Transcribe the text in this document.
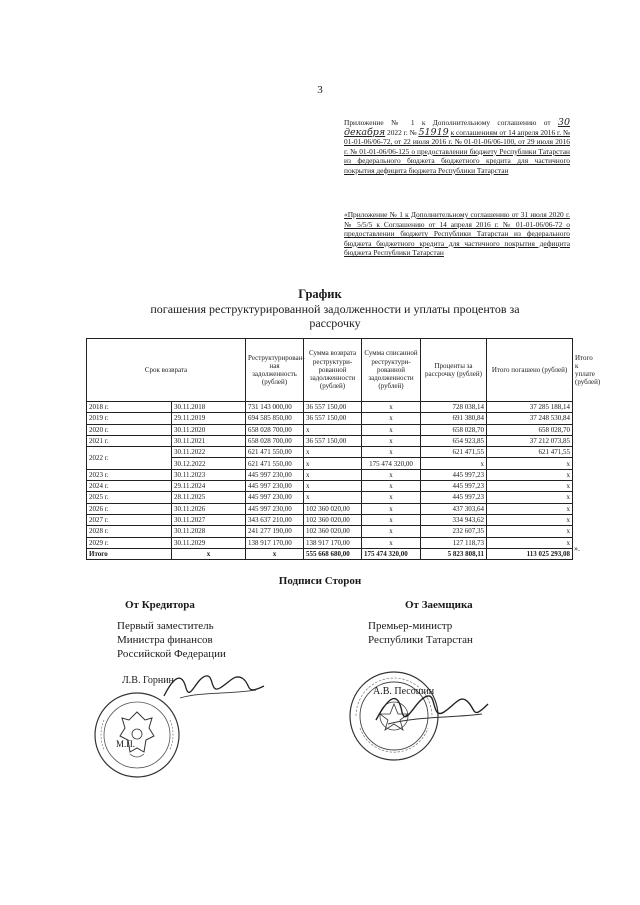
3

Приложение № 1 к Дополнительному соглашению от 30 декабря 2022 г. № 51919 к соглашениям от 14 апреля 2016 г. № 01-01-06/06-72, от 22 июля 2016 г. № 01-01-06/06-100, от 29 июля 2016 г. № 01-01-06/06-125 о предоставлении бюджету Республики Татарстан из федерального бюджета бюджетного кредита для частичного покрытия дефицита бюджета Республики Татарстан

«Приложение № 1 к Дополнительному соглашению от 31 июля 2020 г. № 5/5/5 к Соглашению от 14 апреля 2016 г. № 01-01-06/06-72 о предоставлении бюджету Республики Татарстан из федерального бюджета бюджетного кредита для частичного покрытия дефицита бюджета Республики Татарстан

График
погашения реструктурированной задолженности и уплаты процентов за рассрочку
Срок возврата		Реструктурирован-ная задолженность (рублей)	Сумма возврата реструктури-рованной задолженности (рублей)	Сумма списанной реструктури-рованной задолженности (рублей)	Проценты за рассрочку (рублей)	Итого погашено (рублей)	Итого к уплате (рублей)
2018 г.	30.11.2018	731 143 000,00	36 557 150,00	x	728 038,14	37 285 188,14	
2019 г.	29.11.2019	694 585 850,00	36 557 150,00	x	691 380,84	37 248 530,84	
2020 г.	30.11.2020	658 028 700,00	x	x	658 028,70	658 028,70	
2021 г.	30.11.2021	658 028 700,00	36 557 150,00	x	654 923,85	37 212 073,85	
2022 г.	30.11.2022	621 471 550,00	x	x	621 471,55	621 471,55	
	30.12.2022	621 471 550,00	x	175 474 320,00	x	x	
2023 г.	30.11.2023	445 997 230,00	x	x	445 997,23	x	
2024 г.	29.11.2024	445 997 230,00	x	x	445 997,23	x	
2025 г.	28.11.2025	445 997 230,00	x	x	445 997,23	x	
2026 г.	30.11.2026	445 997 230,00	102 360 020,00	x	437 303,64	x	
2027 г.	30.11.2027	343 637 210,00	102 360 020,00	x	334 943,62	x	
2028 г.	30.11.2028	241 277 190,00	102 360 020,00	x	232 607,35	x	
2029 г.	30.11.2029	138 917 170,00	138 917 170,00	x	127 118,73	x	
Итого	x	x	555 668 680,00	175 474 320,00	5 823 808,11	113 025 293,08	
».
Подписи Сторон
От Кредитора	От Заемщика

Первый заместитель

Министра финансов

Российской Федерации

Премьер-министр

Республики Татарстан

Л.В. Горнин
А.В. Песошин
М.П.
